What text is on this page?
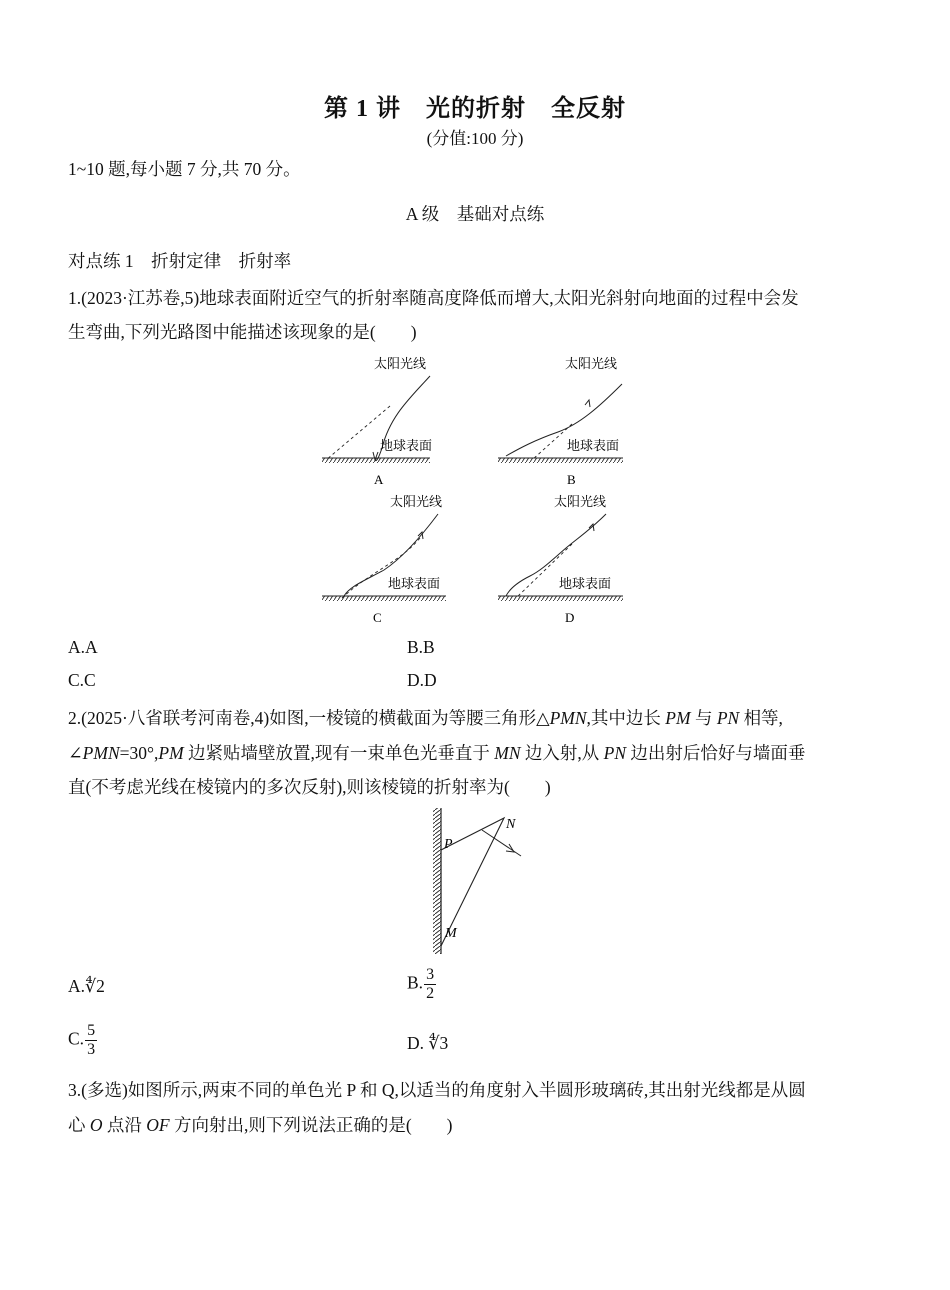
第 1 讲　光的折射　全反射
(分值:100 分)
1~10 题,每小题 7 分,共 70 分。
A 级　基础对点练
对点练 1　折射定律　折射率
1.(2023·江苏卷,5)地球表面附近空气的折射率随高度降低而增大,太阳光斜射向地面的过程中会发
生弯曲,下列光路图中能描述该现象的是(　　)
太阳光线
地球表面
A
太阳光线
地球表面
B
太阳光线
地球表面
C
太阳光线
地球表面
D
A.A	B.B
C.C	D.D
2.(2025·八省联考河南卷,4)如图,一棱镜的横截面为等腰三角形△PMN,其中边长 PM 与 PN 相等,
∠PMN=30°,PM 边紧贴墙壁放置,现有一束单色光垂直于 MN 边入射,从 PN 边出射后恰好与墙面垂
直(不考虑光线在棱镜内的多次反射),则该棱镜的折射率为(　　)
P
N
M
A.∜2	B. $\frac{3}{2}$
C. $\frac{5}{3}$	D. ∜3
3.(多选)如图所示,两束不同的单色光 P 和 Q,以适当的角度射入半圆形玻璃砖,其出射光线都是从圆
心 O 点沿 OF 方向射出,则下列说法正确的是(　　)
